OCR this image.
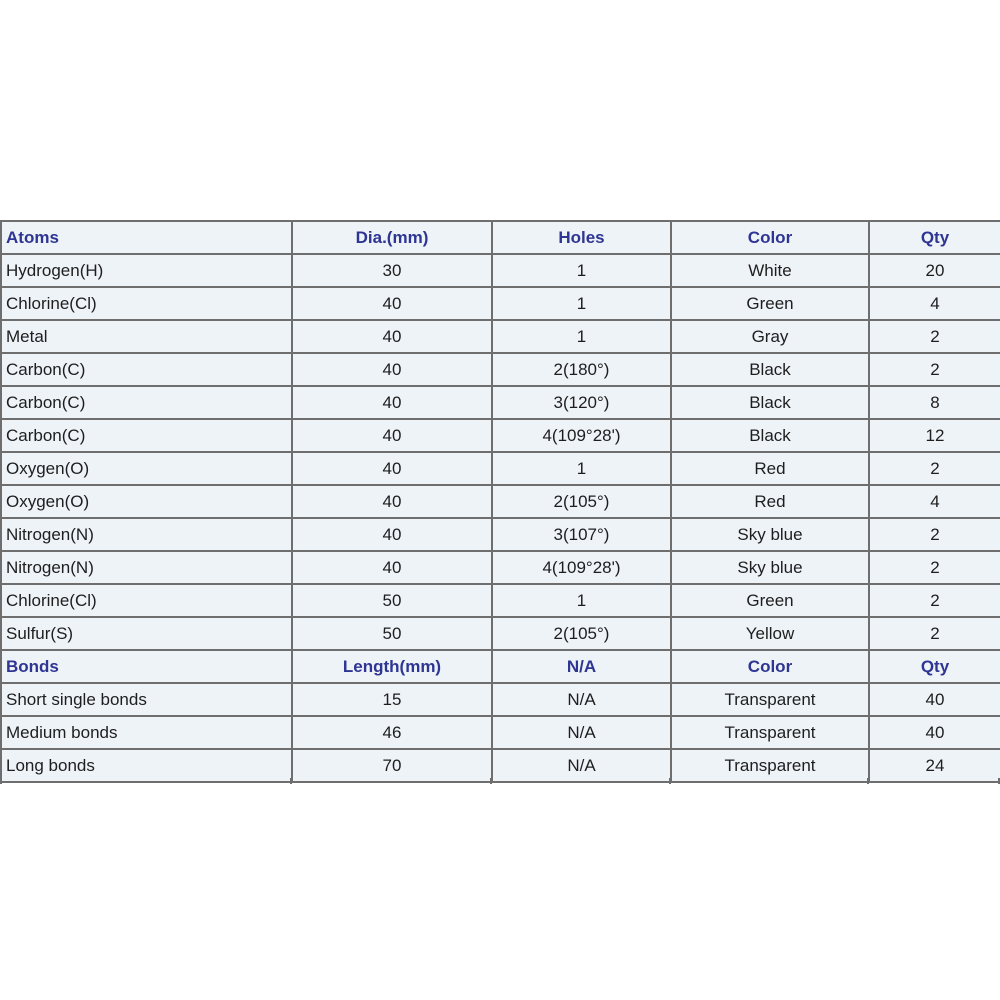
Atoms	Dia.(mm)	Holes	Color	Qty
Hydrogen(H)	30	1	White	20
Chlorine(Cl)	40	1	Green	4
Metal	40	1	Gray	2
Carbon(C)	40	2(180°)	Black	2
Carbon(C)	40	3(120°)	Black	8
Carbon(C)	40	4(109°28')	Black	12
Oxygen(O)	40	1	Red	2
Oxygen(O)	40	2(105°)	Red	4
Nitrogen(N)	40	3(107°)	Sky blue	2
Nitrogen(N)	40	4(109°28')	Sky blue	2
Chlorine(Cl)	50	1	Green	2
Sulfur(S)	50	2(105°)	Yellow	2
Bonds	Length(mm)	N/A	Color	Qty
Short single bonds	15	N/A	Transparent	40
Medium bonds	46	N/A	Transparent	40
Long bonds	70	N/A	Transparent	24
